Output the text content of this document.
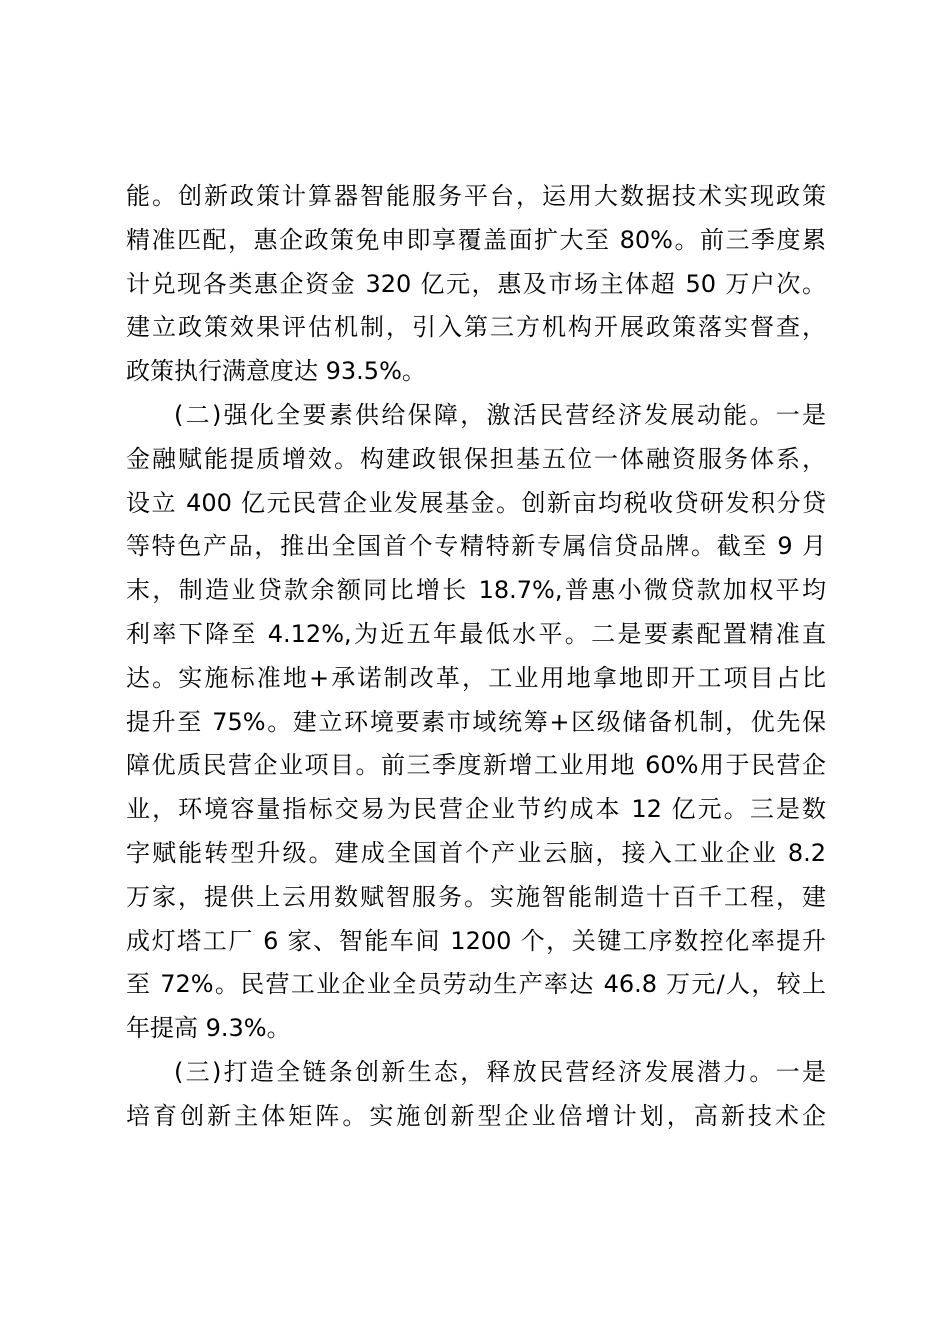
能。创新政策计算器智能服务平台，运用大数据技术实现政策
精准匹配，惠企政策免申即享覆盖面扩大至 80%。前三季度累
计兑现各类惠企资金 320 亿元，惠及市场主体超 50 万户次。
建立政策效果评估机制，引入第三方机构开展政策落实督查，
政策执行满意度达 93.5%。
(二)强化全要素供给保障，激活民营经济发展动能。一是
金融赋能提质增效。构建政银保担基五位一体融资服务体系，
设立 400 亿元民营企业发展基金。创新亩均税收贷研发积分贷
等特色产品，推出全国首个专精特新专属信贷品牌。截至 9 月
末，制造业贷款余额同比增长 18.7%,普惠小微贷款加权平均
利率下降至 4.12%,为近五年最低水平。二是要素配置精准直
达。实施标准地+承诺制改革，工业用地拿地即开工项目占比
提升至 75%。建立环境要素市域统筹+区级储备机制，优先保
障优质民营企业项目。前三季度新增工业用地 60%用于民营企
业，环境容量指标交易为民营企业节约成本 12 亿元。三是数
字赋能转型升级。建成全国首个产业云脑，接入工业企业 8.2
万家，提供上云用数赋智服务。实施智能制造十百千工程，建
成灯塔工厂 6 家、智能车间 1200 个，关键工序数控化率提升
至 72%。民营工业企业全员劳动生产率达 46.8 万元/人，较上
年提高 9.3%。
(三)打造全链条创新生态，释放民营经济发展潜力。一是
培育创新主体矩阵。实施创新型企业倍增计划，高新技术企
